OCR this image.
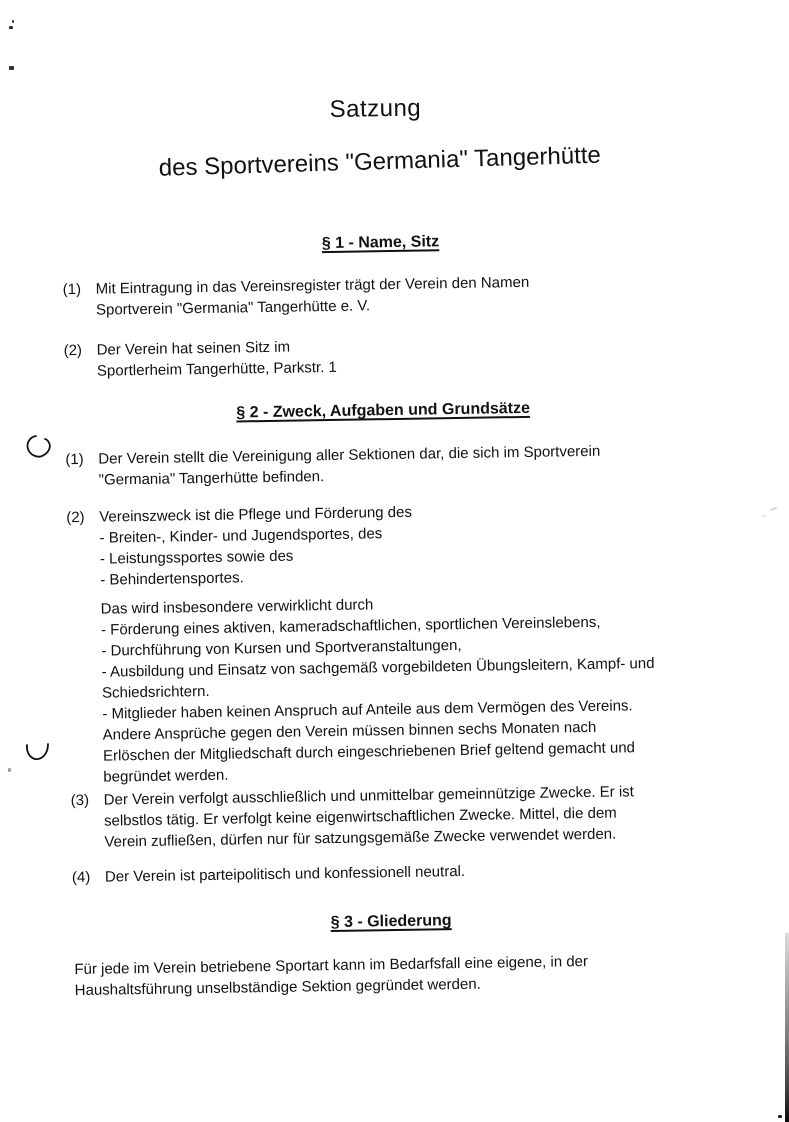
Satzung
des Sportvereins "Germania" Tangerhütte
§ 1 - Name, Sitz
(1) Mit Eintragung in das Vereinsregister trägt der Verein den Namen
Sportverein "Germania" Tangerhütte e. V.
(2) Der Verein hat seinen Sitz im
Sportlerheim Tangerhütte, Parkstr. 1
§ 2 - Zweck, Aufgaben und Grundsätze
(1) Der Verein stellt die Vereinigung aller Sektionen dar, die sich im Sportverein
"Germania" Tangerhütte befinden.
(2) Vereinszweck ist die Pflege und Förderung des
- Breiten-, Kinder- und Jugendsportes, des
- Leistungssportes sowie des
- Behindertensportes.
Das wird insbesondere verwirklicht durch
- Förderung eines aktiven, kameradschaftlichen, sportlichen Vereinslebens,
- Durchführung von Kursen und Sportveranstaltungen,
- Ausbildung und Einsatz von sachgemäß vorgebildeten Übungsleitern, Kampf- und
Schiedsrichtern.
- Mitglieder haben keinen Anspruch auf Anteile aus dem Vermögen des Vereins.
Andere Ansprüche gegen den Verein müssen binnen sechs Monaten nach
Erlöschen der Mitgliedschaft durch eingeschriebenen Brief geltend gemacht und
begründet werden.
(3) Der Verein verfolgt ausschließlich und unmittelbar gemeinnützige Zwecke. Er ist
selbstlos tätig. Er verfolgt keine eigenwirtschaftlichen Zwecke. Mittel, die dem
Verein zufließen, dürfen nur für satzungsgemäße Zwecke verwendet werden.
(4) Der Verein ist parteipolitisch und konfessionell neutral.
§ 3 - Gliederung
Für jede im Verein betriebene Sportart kann im Bedarfsfall eine eigene, in der
Haushaltsführung unselbständige Sektion gegründet werden.
